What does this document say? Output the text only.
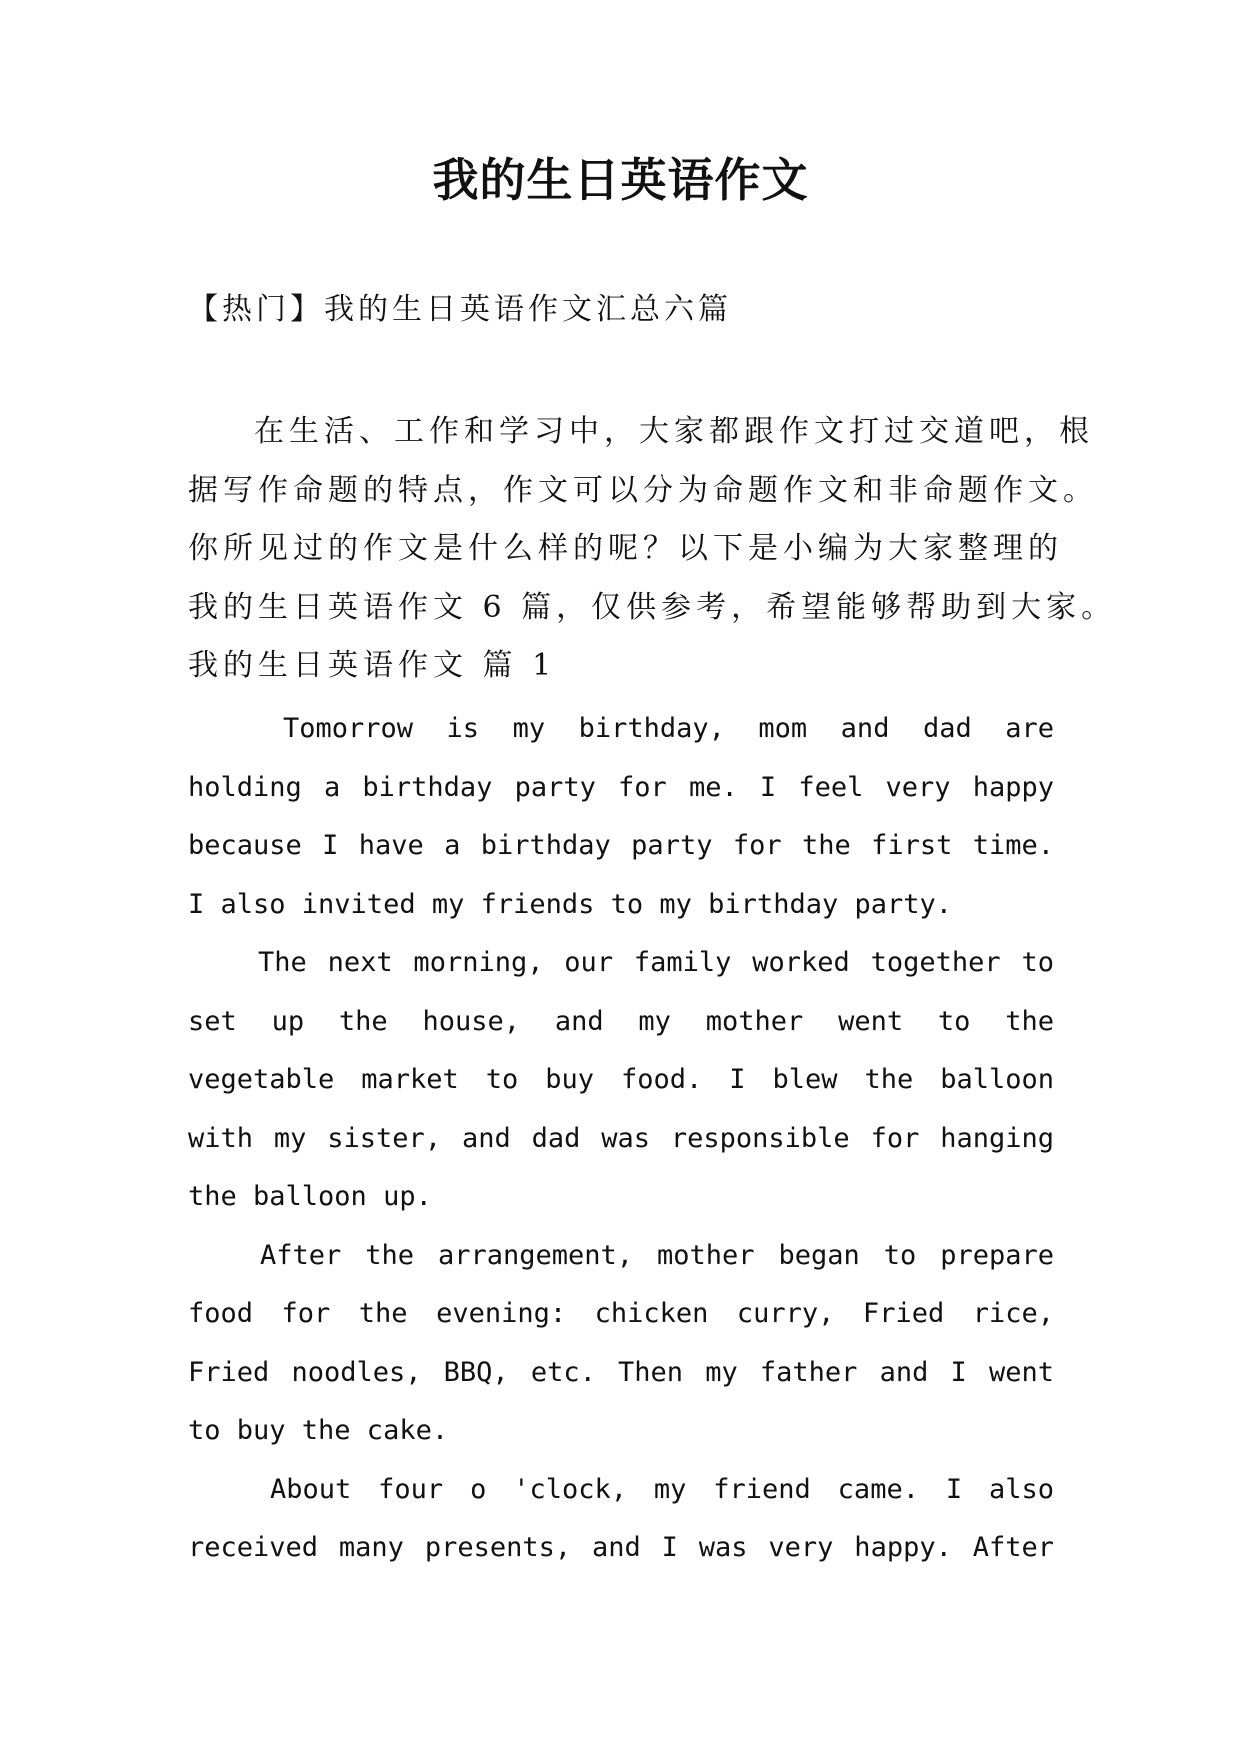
我的生日英语作文
【热门】我的生日英语作文汇总六篇
在生活、工作和学习中，大家都跟作文打过交道吧，根
据写作命题的特点，作文可以分为命题作文和非命题作文。
你所见过的作文是什么样的呢？以下是小编为大家整理的
我的生日英语作文 6 篇，仅供参考，希望能够帮助到大家。
我的生日英语作文 篇 1
Tomorrow is my birthday, mom and dad are
holding a birthday party for me. I feel very happy
because I have a birthday party for the first time.
I also invited my friends to my birthday party.
The next morning, our family worked together to
set up the house, and my mother went to the
vegetable market to buy food. I blew the balloon
with my sister, and dad was responsible for hanging
the balloon up.
After the arrangement, mother began to prepare
food for the evening: chicken curry, Fried rice,
Fried noodles, BBQ, etc. Then my father and I went
to buy the cake.
About four o 'clock, my friend came. I also
received many presents, and I was very happy. After
